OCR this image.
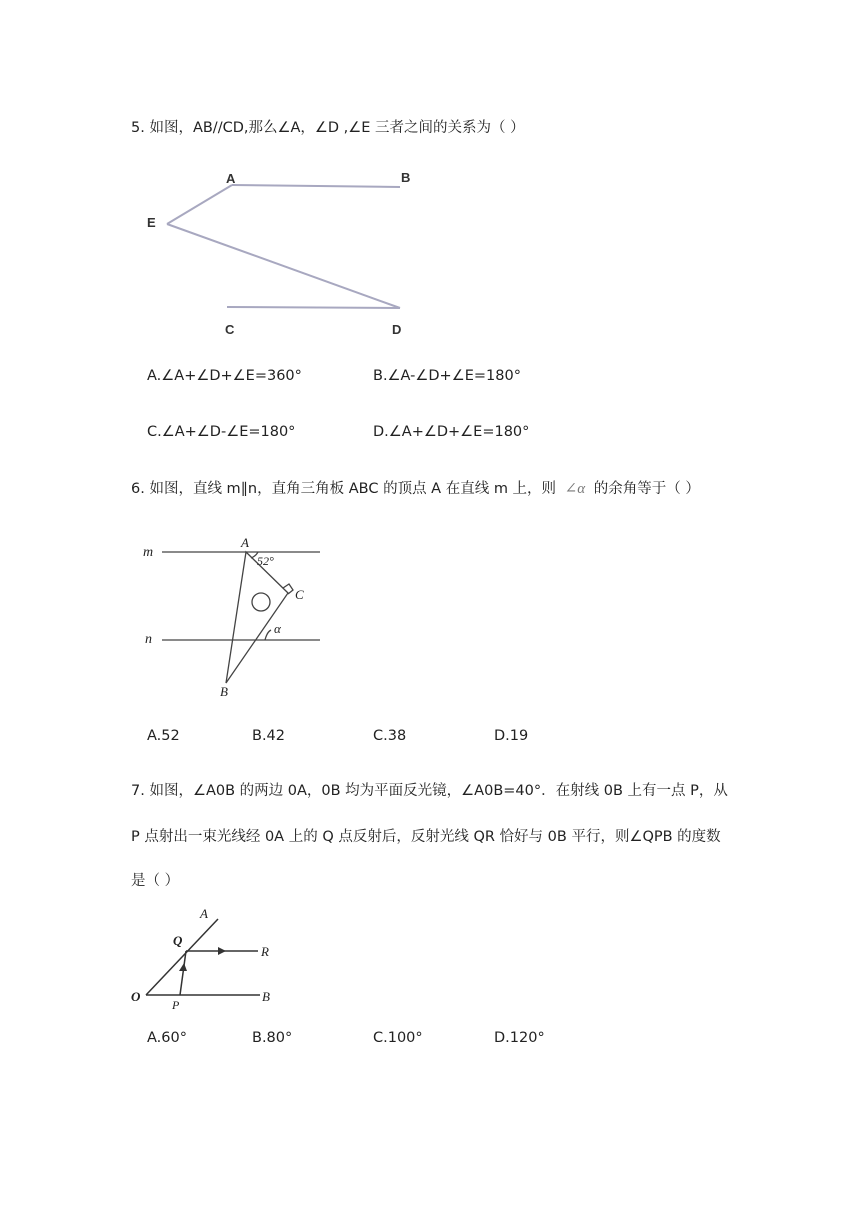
5. 如图，AB//CD,那么∠A，∠D ,∠E 三者之间的关系为（ ）
A	B
E
C	D
A.∠A+∠D+∠E=360°	B.∠A-∠D+∠E=180°
C.∠A+∠D-∠E=180°	D.∠A+∠D+∠E=180°
6. 如图，直线 m∥n，直角三角板 ABC 的顶点 A 在直线 m 上，则 ∠α 的余角等于（ ）
m
n
A
52°
C
α
B
A.52	B.42	C.38	D.19
7. 如图，∠A0B 的两边 0A，0B 均为平面反光镜，∠A0B=40°．在射线 0B 上有一点 P，从
P 点射出一束光线经 0A 上的 Q 点反射后，反射光线 QR 恰好与 0B 平行，则∠QPB 的度数
是（ ）
A
Q
R
O
P
B
A.60°	B.80°	C.100°	D.120°
